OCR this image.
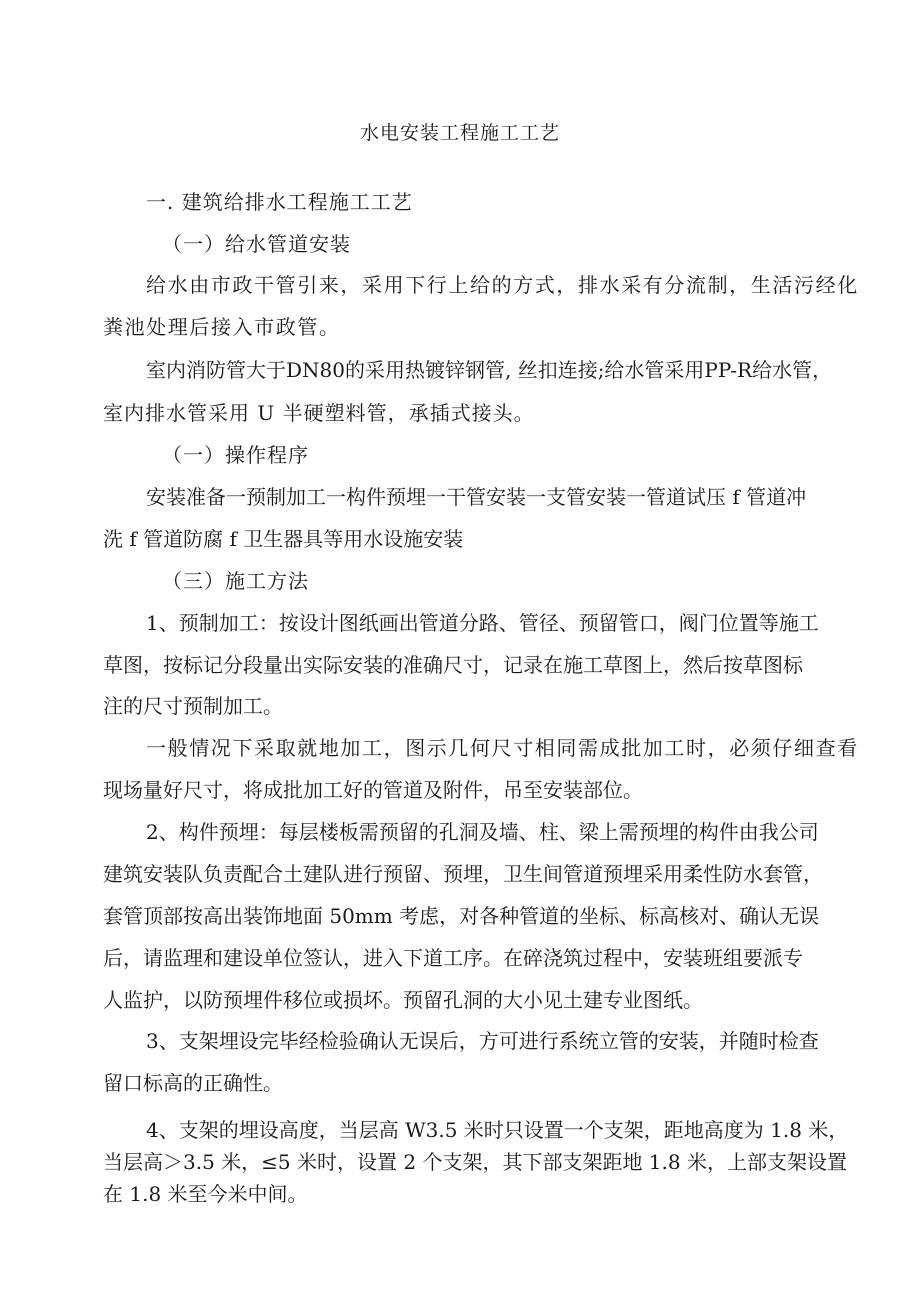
水电安装工程施工工艺
一. 建筑给排水工程施工工艺
（一）给水管道安装
给水由市政干管引来，采用下行上给的方式，排水采有分流制，生活污经化
粪池处理后接入市政管。
室内消防管大于DN80的采用热镀锌钢管, 丝扣连接;给水管采用PP-R给水管，
室内排水管采用 U 半硬塑料管，承插式接头。
（一）操作程序
安装准备一预制加工一构件预埋一干管安装一支管安装一管道试压 f 管道冲
洗 f 管道防腐 f 卫生器具等用水设施安装
（三）施工方法
1、预制加工：按设计图纸画出管道分路、管径、预留管口，阀门位置等施工
草图，按标记分段量出实际安装的准确尺寸，记录在施工草图上，然后按草图标
注的尺寸预制加工。
一般情况下采取就地加工，图示几何尺寸相同需成批加工时，必须仔细查看
现场量好尺寸，将成批加工好的管道及附件，吊至安装部位。
2、构件预埋：每层楼板需预留的孔洞及墙、柱、梁上需预埋的构件由我公司
建筑安装队负责配合土建队进行预留、预埋，卫生间管道预埋采用柔性防水套管，
套管顶部按高出装饰地面 50mm 考虑，对各种管道的坐标、标高核对、确认无误
后，请监理和建设单位签认，进入下道工序。在碎浇筑过程中，安装班组要派专
人监护，以防预埋件移位或损坏。预留孔洞的大小见土建专业图纸。
3、支架埋设完毕经检验确认无误后，方可进行系统立管的安装，并随时检查
留口标高的正确性。
4、支架的埋设高度，当层高 W3.5 米时只设置一个支架，距地高度为 1.8 米，
当层高＞3.5 米，≤5 米时，设置 2 个支架，其下部支架距地 1.8 米，上部支架设置
在 1.8 米至今米中间。
